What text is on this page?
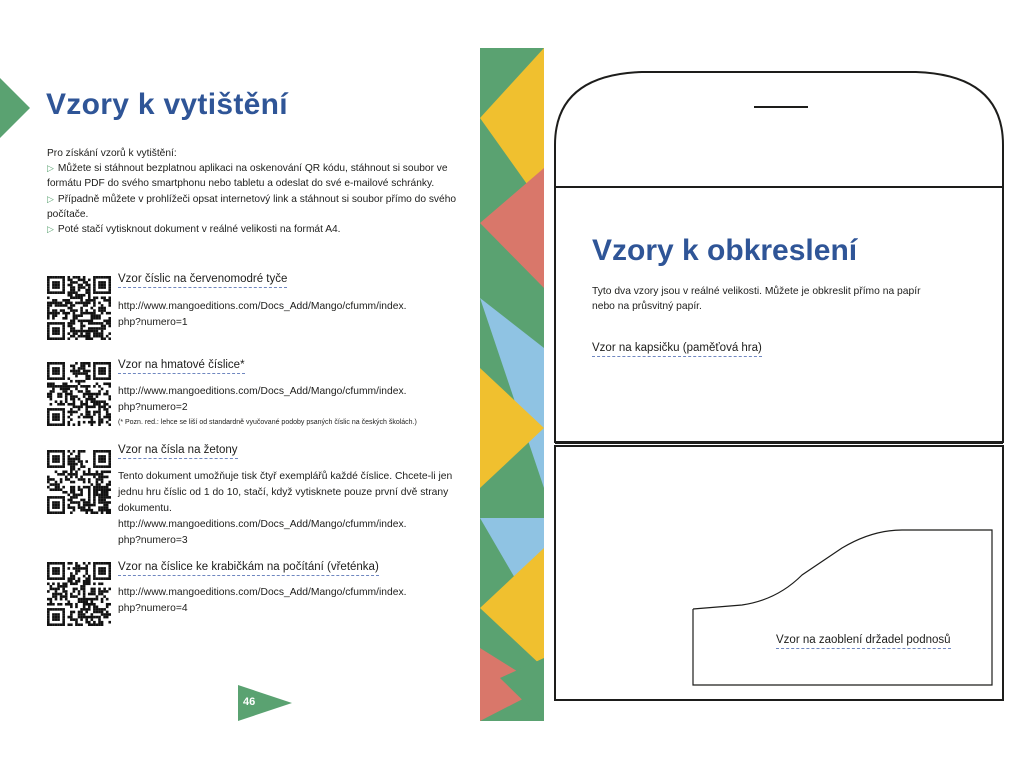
Vzory k vytištění
Pro získání vzorů k vytištění:
▷ Můžete si stáhnout bezplatnou aplikaci na oskenování QR kódu, stáhnout si soubor ve formátu PDF do svého smartphonu nebo tabletu a odeslat do své e-mailové schránky.
▷ Případně můžete v prohlížeči opsat internetový link a stáhnout si soubor přímo do svého počítače.
▷ Poté stačí vytisknout dokument v reálné velikosti na formát A4.
Vzor číslic na červenomodré tyče
http://www.mangoeditions.com/Docs_Add/Mango/cfumm/index.
php?numero=1
Vzor na hmatové číslice*
http://www.mangoeditions.com/Docs_Add/Mango/cfumm/index.
php?numero=2
(* Pozn. red.: lehce se liší od standardně vyučované podoby psaných číslic na českých školách.)
Vzor na čísla na žetony
Tento dokument umožňuje tisk čtyř exemplářů každé číslice. Chcete-li jen
jednu hru číslic od 1 do 10, stačí, když vytisknete pouze první dvě strany
dokumentu.
http://www.mangoeditions.com/Docs_Add/Mango/cfumm/index.
php?numero=3
Vzor na číslice ke krabičkám na počítání (vřeténka)
http://www.mangoeditions.com/Docs_Add/Mango/cfumm/index.
php?numero=4
46
Vzory k obkreslení
Tyto dva vzory jsou v reálné velikosti. Můžete je obkreslit přímo na papír
nebo na průsvitný papír.
Vzor na kapsičku (paměťová hra)
Vzor na zaoblení držadel podnosů
